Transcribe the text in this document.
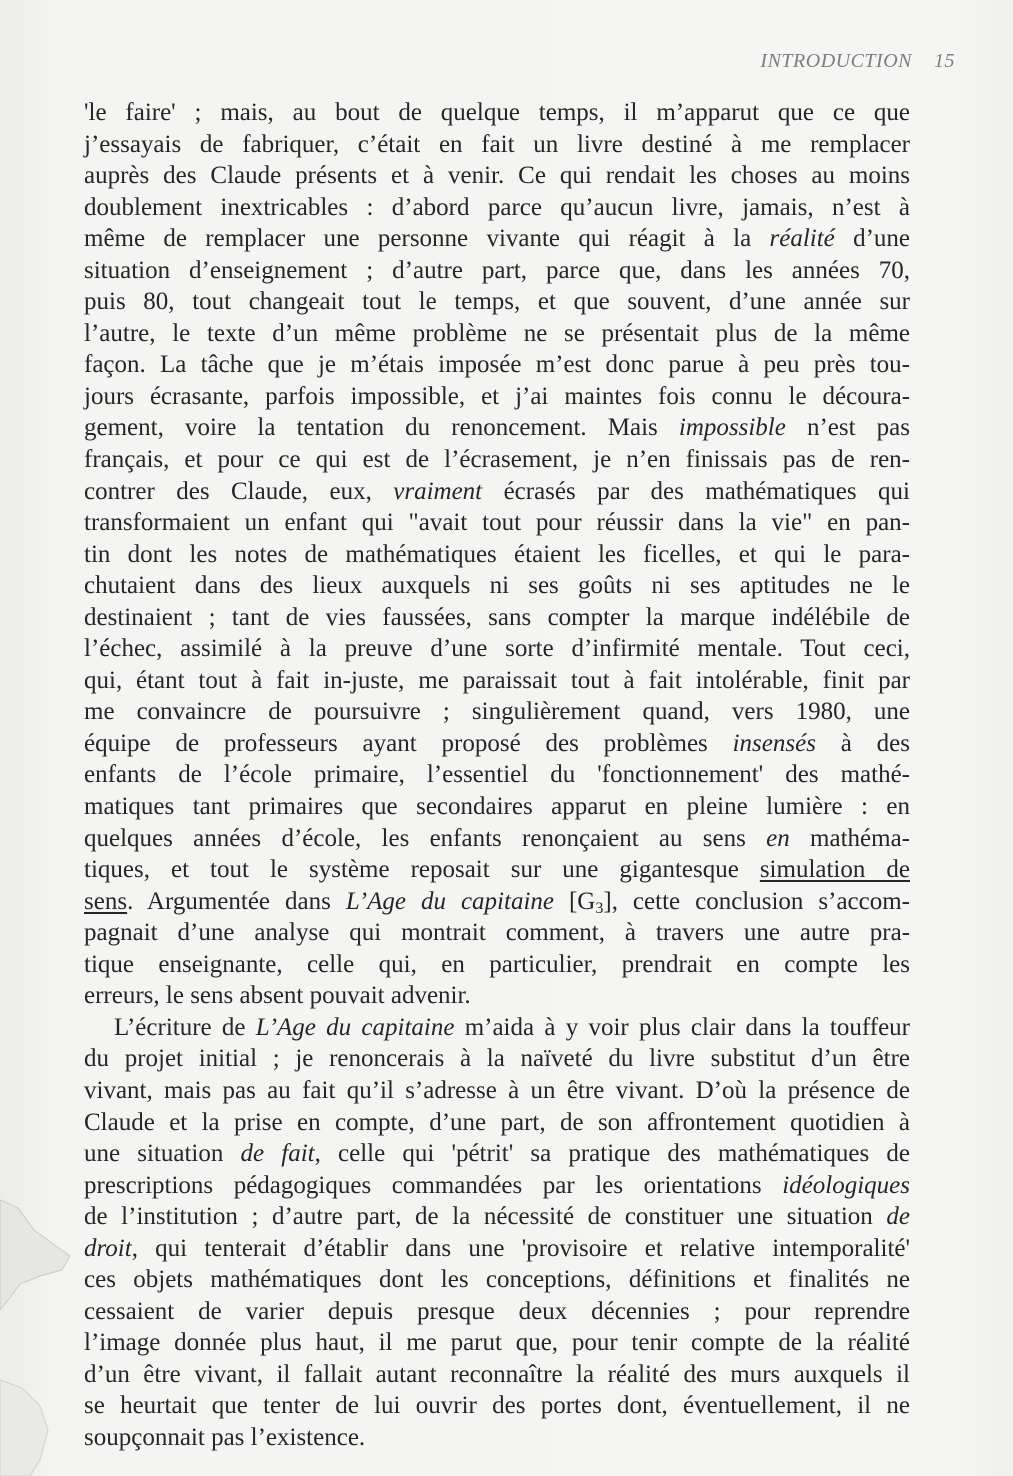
INTRODUCTION 15
'le faire' ; mais, au bout de quelque temps, il m’apparut que ce que
j’essayais de fabriquer, c’était en fait un livre destiné à me remplacer
auprès des Claude présents et à venir. Ce qui rendait les choses au moins
doublement inextricables : d’abord parce qu’aucun livre, jamais, n’est à
même de remplacer une personne vivante qui réagit à la réalité d’une
situation d’enseignement ; d’autre part, parce que, dans les années 70,
puis 80, tout changeait tout le temps, et que souvent, d’une année sur
l’autre, le texte d’un même problème ne se présentait plus de la même
façon. La tâche que je m’étais imposée m’est donc parue à peu près tou-
jours écrasante, parfois impossible, et j’ai maintes fois connu le découra-
gement, voire la tentation du renoncement. Mais impossible n’est pas
français, et pour ce qui est de l’écrasement, je n’en finissais pas de ren-
contrer des Claude, eux, vraiment écrasés par des mathématiques qui
transformaient un enfant qui "avait tout pour réussir dans la vie" en pan-
tin dont les notes de mathématiques étaient les ficelles, et qui le para-
chutaient dans des lieux auxquels ni ses goûts ni ses aptitudes ne le
destinaient ; tant de vies faussées, sans compter la marque indélébile de
l’échec, assimilé à la preuve d’une sorte d’infirmité mentale. Tout ceci,
qui, étant tout à fait in-juste, me paraissait tout à fait intolérable, finit par
me convaincre de poursuivre ; singulièrement quand, vers 1980, une
équipe de professeurs ayant proposé des problèmes insensés à des
enfants de l’école primaire, l’essentiel du 'fonctionnement' des mathé-
matiques tant primaires que secondaires apparut en pleine lumière : en
quelques années d’école, les enfants renonçaient au sens en mathéma-
tiques, et tout le système reposait sur une gigantesque simulation de
sens. Argumentée dans L’Age du capitaine $[G_3]$, cette conclusion s’accom-
pagnait d’une analyse qui montrait comment, à travers une autre pra-
tique enseignante, celle qui, en particulier, prendrait en compte les
erreurs, le sens absent pouvait advenir.
L’écriture de L’Age du capitaine m’aida à y voir plus clair dans la touffeur
du projet initial ; je renoncerais à la naïveté du livre substitut d’un être
vivant, mais pas au fait qu’il s’adresse à un être vivant. D’où la présence de
Claude et la prise en compte, d’une part, de son affrontement quotidien à
une situation de fait, celle qui 'pétrit' sa pratique des mathématiques de
prescriptions pédagogiques commandées par les orientations idéologiques
de l’institution ; d’autre part, de la nécessité de constituer une situation de
droit, qui tenterait d’établir dans une 'provisoire et relative intemporalité'
ces objets mathématiques dont les conceptions, définitions et finalités ne
cessaient de varier depuis presque deux décennies ; pour reprendre
l’image donnée plus haut, il me parut que, pour tenir compte de la réalité
d’un être vivant, il fallait autant reconnaître la réalité des murs auxquels il
se heurtait que tenter de lui ouvrir des portes dont, éventuellement, il ne
soupçonnait pas l’existence.
